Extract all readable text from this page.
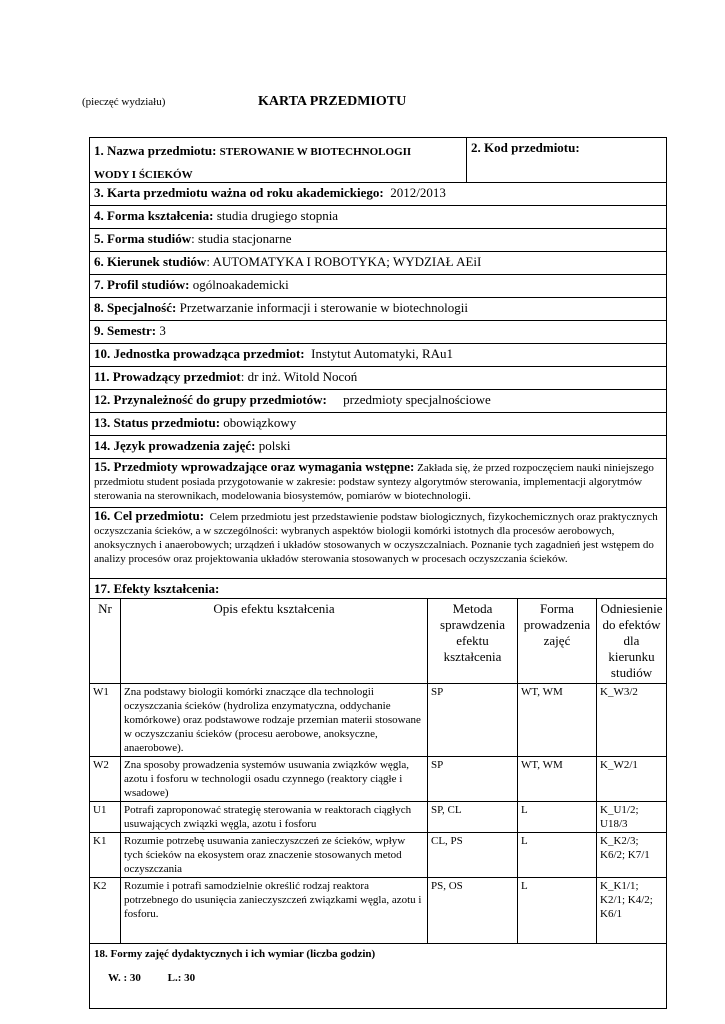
(pieczęć wydziału)	KARTA PRZEDMIOTU
1. Nazwa przedmiotu: STEROWANIE W BIOTECHNOLOGII
WODY I ŚCIEKÓW
2. Kod przedmiotu:
3. Karta przedmiotu ważna od roku akademickiego: 2012/2013
4. Forma kształcenia: studia drugiego stopnia
5. Forma studiów: studia stacjonarne
6. Kierunek studiów: AUTOMATYKA I ROBOTYKA; WYDZIAŁ AEiI
7. Profil studiów: ogólnoakademicki
8. Specjalność: Przetwarzanie informacji i sterowanie w biotechnologii
9. Semestr: 3
10. Jednostka prowadząca przedmiot: Instytut Automatyki, RAu1
11. Prowadzący przedmiot: dr inż. Witold Nocoń
12. Przynależność do grupy przedmiotów: przedmioty specjalnościowe
13. Status przedmiotu: obowiązkowy
14. Język prowadzenia zajęć: polski
15. Przedmioty wprowadzające oraz wymagania wstępne: Zakłada się, że przed rozpoczęciem nauki niniejszego przedmiotu student posiada przygotowanie w zakresie: podstaw syntezy algorytmów sterowania, implementacji algorytmów sterowania na sterownikach, modelowania biosystemów, pomiarów w biotechnologii.
16. Cel przedmiotu: Celem przedmiotu jest przedstawienie podstaw biologicznych, fizykochemicznych oraz praktycznych oczyszczania ścieków, a w szczególności: wybranych aspektów biologii komórki istotnych dla procesów aerobowych, anoksycznych i anaerobowych; urządzeń i układów stosowanych w oczyszczalniach. Poznanie tych zagadnień jest wstępem do analizy procesów oraz projektowania układów sterowania stosowanych w procesach oczyszczania ścieków.
17. Efekty kształcenia:
Nr	Opis efektu kształcenia	Metoda sprawdzenia efektu kształcenia	Forma prowadzenia zajęć	Odniesienie do efektów dla kierunku studiów
W1	Zna podstawy biologii komórki znaczące dla technologii oczyszczania ścieków (hydroliza enzymatyczna, oddychanie komórkowe) oraz podstawowe rodzaje przemian materii stosowane w oczyszczaniu ścieków (procesu aerobowe, anoksyczne, anaerobowe).	SP	WT, WM	K_W3/2
W2	Zna sposoby prowadzenia systemów usuwania związków węgla, azotu i fosforu w technologii osadu czynnego (reaktory ciągłe i wsadowe)	SP	WT, WM	K_W2/1
U1	Potrafi zaproponować strategię sterowania w reaktorach ciągłych usuwających związki węgla, azotu i fosforu	SP, CL	L	K_U1/2; U18/3
K1	Rozumie potrzebę usuwania zanieczyszczeń ze ścieków, wpływ tych ścieków na ekosystem oraz znaczenie stosowanych metod oczyszczania	CL, PS	L	K_K2/3; K6/2; K7/1
K2	Rozumie i potrafi samodzielnie określić rodzaj reaktora potrzebnego do usunięcia zanieczyszczeń związkami węgla, azotu i fosforu.	PS, OS	L	K_K1/1; K2/1; K4/2; K6/1
18. Formy zajęć dydaktycznych i ich wymiar (liczba godzin)
W. : 30 L.: 30
